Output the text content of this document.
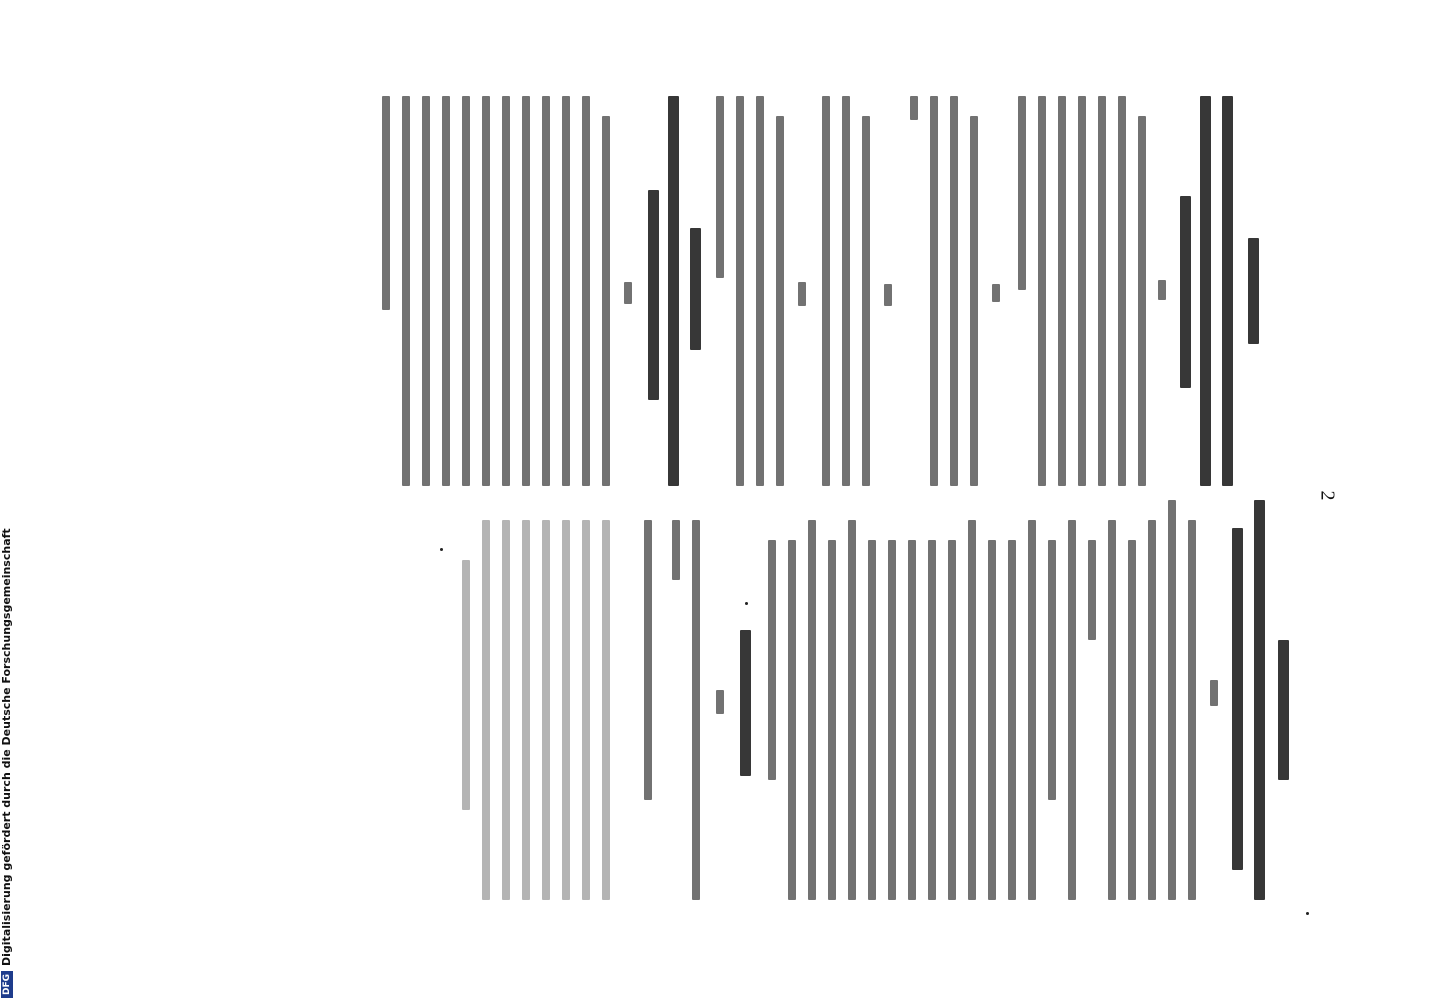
2
DFG
Digitalisierung gefördert durch die Deutsche Forschungsgemeinschaft
